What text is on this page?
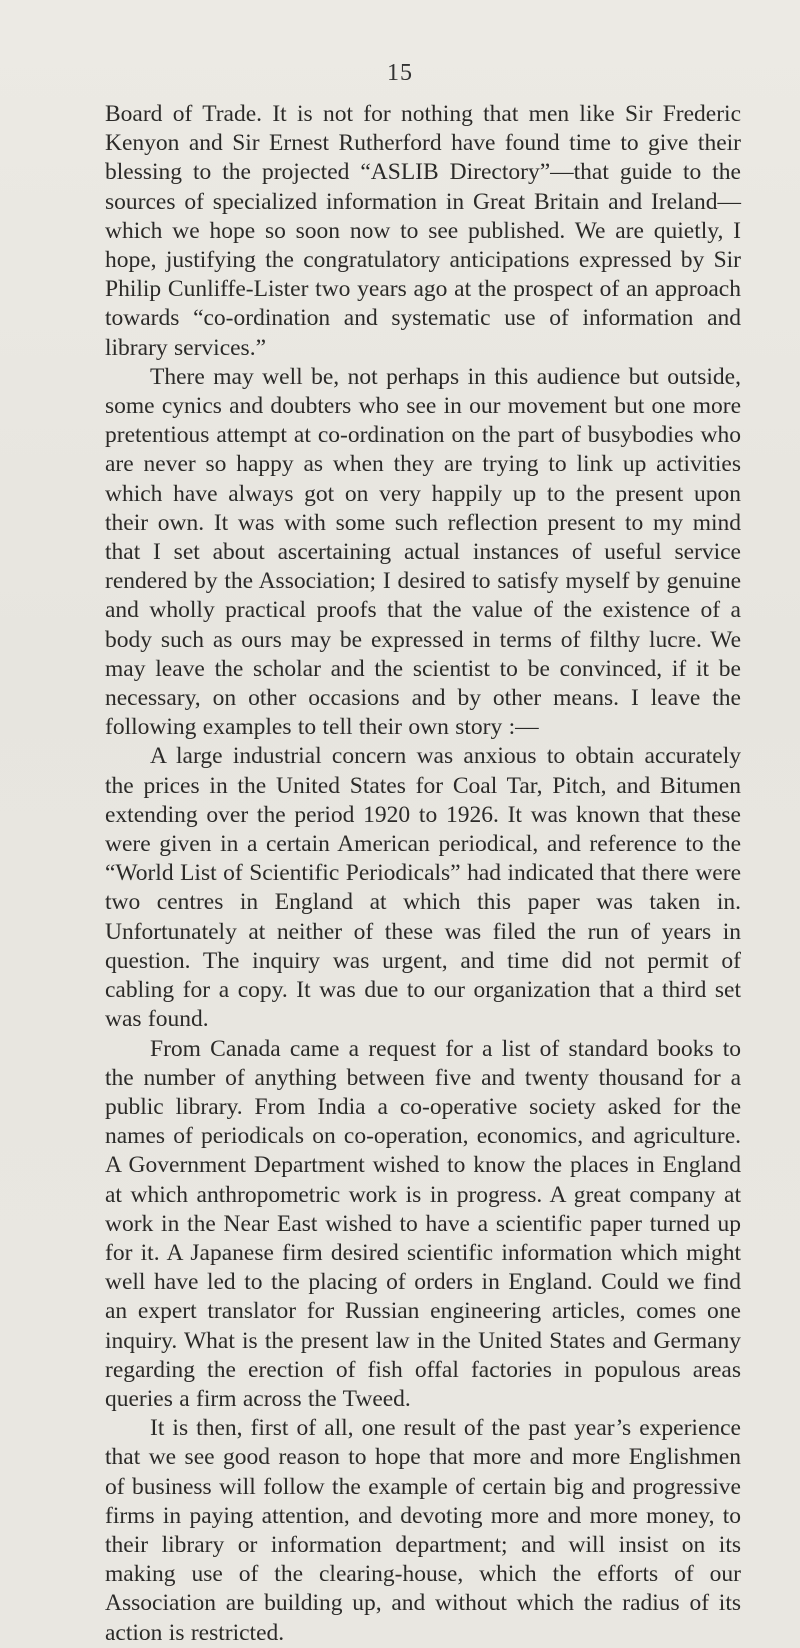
15

Board of Trade. It is not for nothing that men like Sir Frederic Kenyon and Sir Ernest Rutherford have found time to give their blessing to the projected “ASLIB Directory”—that guide to the sources of specialized information in Great Britain and Ireland—which we hope so soon now to see published. We are quietly, I hope, justifying the congratulatory anticipations expressed by Sir Philip Cunliffe-Lister two years ago at the prospect of an approach towards “co-ordination and systematic use of information and library services.”

There may well be, not perhaps in this audience but outside, some cynics and doubters who see in our movement but one more pretentious attempt at co-ordination on the part of busybodies who are never so happy as when they are trying to link up activities which have always got on very happily up to the present upon their own. It was with some such reflection present to my mind that I set about ascertaining actual instances of useful service rendered by the Association; I desired to satisfy myself by genuine and wholly practical proofs that the value of the existence of a body such as ours may be expressed in terms of filthy lucre. We may leave the scholar and the scientist to be convinced, if it be necessary, on other occasions and by other means. I leave the following examples to tell their own story :—

A large industrial concern was anxious to obtain accurately the prices in the United States for Coal Tar, Pitch, and Bitumen extending over the period 1920 to 1926. It was known that these were given in a certain American periodical, and reference to the “World List of Scientific Periodicals” had indicated that there were two centres in England at which this paper was taken in. Unfortunately at neither of these was filed the run of years in question. The inquiry was urgent, and time did not permit of cabling for a copy. It was due to our organization that a third set was found.

From Canada came a request for a list of standard books to the number of anything between five and twenty thousand for a public library. From India a co-operative society asked for the names of periodicals on co-operation, economics, and agriculture. A Government Department wished to know the places in England at which anthropometric work is in progress. A great company at work in the Near East wished to have a scientific paper turned up for it. A Japanese firm desired scientific information which might well have led to the placing of orders in England. Could we find an expert translator for Russian engineering articles, comes one inquiry. What is the present law in the United States and Germany regarding the erection of fish offal factories in populous areas queries a firm across the Tweed.

It is then, first of all, one result of the past year’s experience that we see good reason to hope that more and more Englishmen of business will follow the example of certain big and progressive firms in paying attention, and devoting more and more money, to their library or information department; and will insist on its making use of the clearing-house, which the efforts of our Association are building up, and without which the radius of its action is restricted.
